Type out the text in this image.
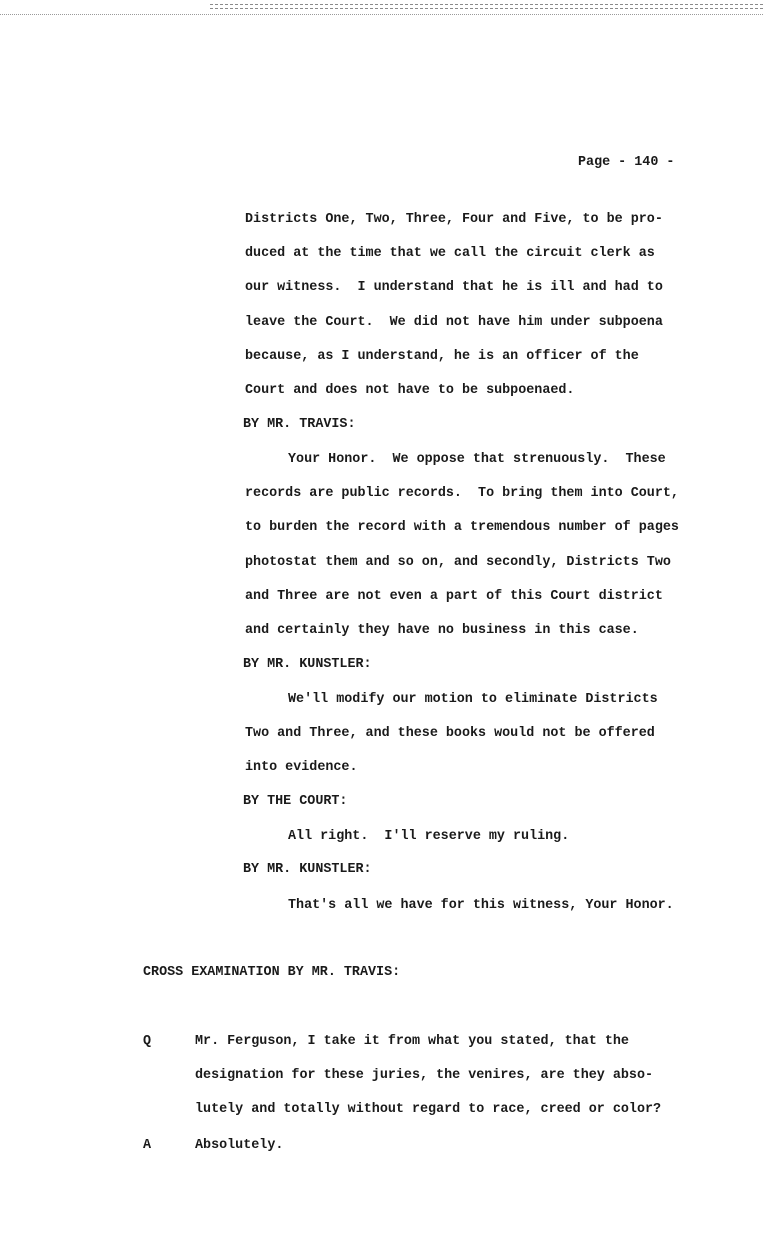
Page - 140 -
Districts One, Two, Three, Four and Five, to be pro-
duced at the time that we call the circuit clerk as
our witness.  I understand that he is ill and had to
leave the Court.  We did not have him under subpoena
because, as I understand, he is an officer of the
Court and does not have to be subpoenaed.
BY MR. TRAVIS:
Your Honor.  We oppose that strenuously.  These
records are public records.  To bring them into Court,
to burden the record with a tremendous number of pages
photostat them and so on, and secondly, Districts Two
and Three are not even a part of this Court district
and certainly they have no business in this case.
BY MR. KUNSTLER:
We'll modify our motion to eliminate Districts
Two and Three, and these books would not be offered
into evidence.
BY THE COURT:
All right.  I'll reserve my ruling.
BY MR. KUNSTLER:
That's all we have for this witness, Your Honor.
CROSS EXAMINATION BY MR. TRAVIS:
Q	Mr. Ferguson, I take it from what you stated, that the
designation for these juries, the venires, are they abso-
lutely and totally without regard to race, creed or color?
A	Absolutely.
